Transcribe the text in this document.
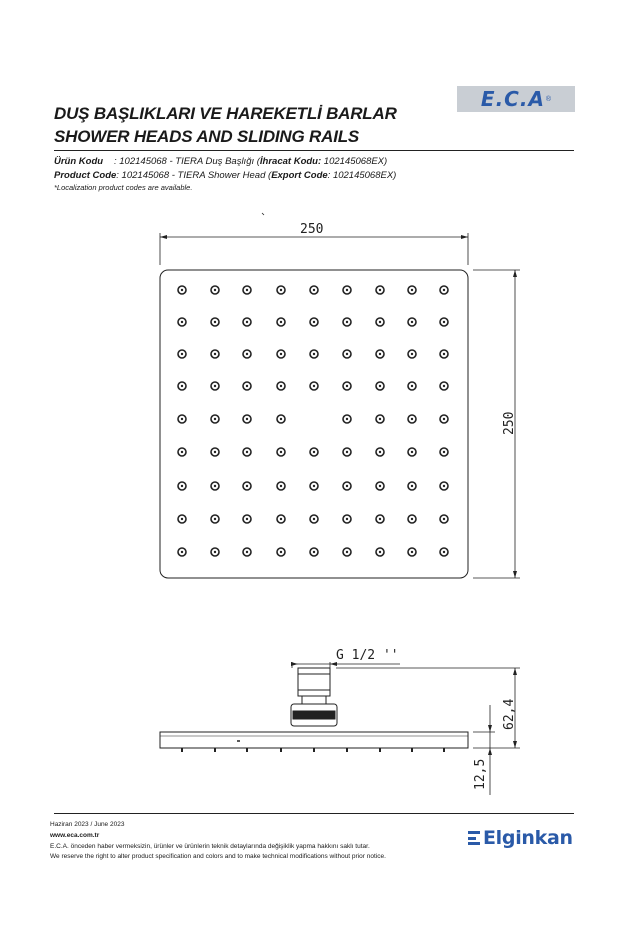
E.C.A ®
DUŞ BAŞLIKLARI VE HAREKETLİ BARLAR
SHOWER HEADS AND SLIDING RAILS
Ürün Kodu : 102145068 - TIERA Duş Başlığı (İhracat Kodu: 102145068EX)
Product Code: 102145068 - TIERA Shower Head (Export Code: 102145068EX)
*Localization product codes are available.
250
250
G 1/2 ''
62,4
12,5
Haziran 2023 / June 2023
www.eca.com.tr
E.C.A. önceden haber vermeksizin, ürünler ve ürünlerin teknik detaylarında değişiklik yapma hakkını saklı tutar.
We reserve the right to alter product specification and colors and to make technical modifications without prior notice.
Elginkan
